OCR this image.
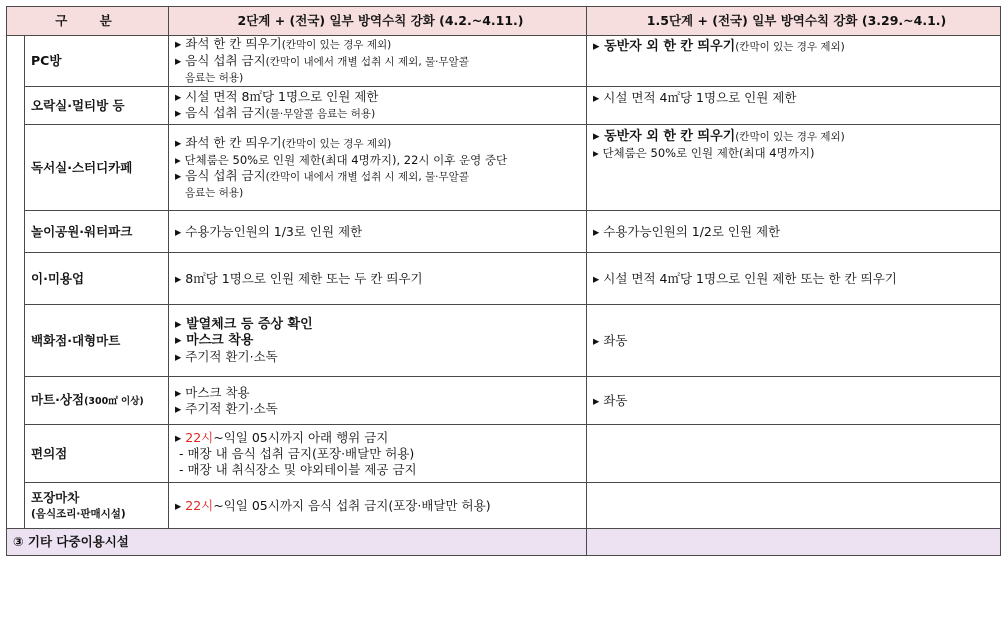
구 분		2단계 + (전국) 일부 방역수칙 강화 (4.2.~4.11.)	1.5단계 + (전국) 일부 방역수칙 강화 (3.29.~4.1.)
	PC방	▸ 좌석 한 칸 띄우기(칸막이 있는 경우 제외)
▸ 음식 섭취 금지(칸막이 내에서 개별 섭취 시 제외, 물·무알콜
음료는 허용)	▸ 동반자 외 한 칸 띄우기(칸막이 있는 경우 제외)

	오락실·멀티방 등	▸ 시설 면적 8㎡당 1명으로 인원 제한
▸ 음식 섭취 금지(물·무알콜 음료는 허용)	▸ 시설 면적 4㎡당 1명으로 인원 제한

	독서실·스터디카페	▸ 좌석 한 칸 띄우기(칸막이 있는 경우 제외)
▸ 단체룸은 50%로 인원 제한(최대 4명까지), 22시 이후 운영 중단
▸ 음식 섭취 금지(칸막이 내에서 개별 섭취 시 제외, 물·무알콜
음료는 허용)	▸ 동반자 외 한 칸 띄우기(칸막이 있는 경우 제외)
▸ 단체룸은 50%로 인원 제한(최대 4명까지)

	놀이공원·워터파크	▸ 수용가능인원의 1/3로 인원 제한	▸ 수용가능인원의 1/2로 인원 제한
	이·미용업	▸ 8㎡당 1명으로 인원 제한 또는 두 칸 띄우기	▸ 시설 면적 4㎡당 1명으로 인원 제한 또는 한 칸 띄우기
	백화점·대형마트	▸ 발열체크 등 증상 확인
▸ 마스크 착용
▸ 주기적 환기·소독	▸ 좌동
	마트·상점(300㎡ 이상)	▸ 마스크 착용
▸ 주기적 환기·소독	▸ 좌동
	편의점	▸ 22시~익일 05시까지 아래 행위 금지
- 매장 내 음식 섭취 금지(포장·배달만 허용)
- 매장 내 취식장소 및 야외테이블 제공 금지	

	포장마차
(음식조리·판매시설)	▸ 22시~익일 05시까지 음식 섭취 금지(포장·배달만 허용)	

③ 기타 다중이용시설			
